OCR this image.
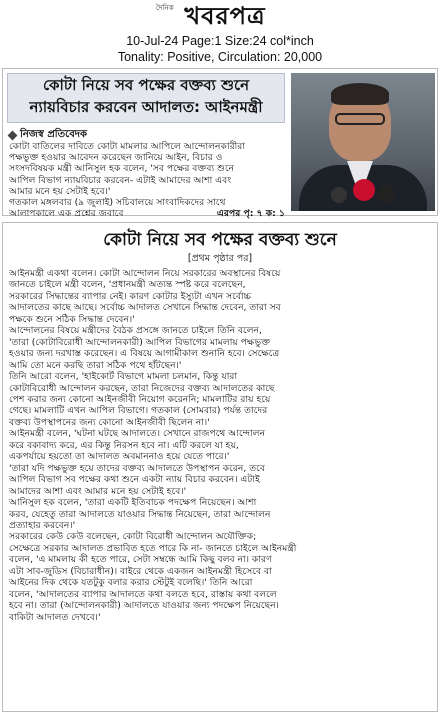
দৈনিক খবরপত্র
10-Jul-24 Page:1 Size:24 col*inch
Tonality: Positive, Circulation: 20,000
কোটা নিয়ে সব পক্ষের বক্তব্য শুনে
ন্যায়বিচার করবেন আদালত: আইনমন্ত্রী
নিজস্ব প্রতিবেদক

কোটা বাতিলের দাবিতে কোটা মামলার আপিলে আন্দোলনকারীরা

পক্ষভুক্ত হওয়ার আবেদন করেছেন জানিয়ে আইন, বিচার ও

সংসদবিষয়ক মন্ত্রী আনিসুল হক বলেন, 'সব পক্ষের বক্তব্য শুনে

আপিল বিভাগ ন্যায়বিচার করবেন- এটাই আমাদের আশা এবং

আমার মনে হয় সেটাই হবে।'

গতকাল মঙ্গলবার (৯ জুলাই) সচিবালয়ে সাংবাদিকদের সাথে

আলাপকালে এক প্রশ্নের জবাবে	এরপর পৃ: ৭ ক: ১

কোটা নিয়ে সব পক্ষের বক্তব্য শুনে
[প্রথম পৃষ্ঠার পর]

আইনমন্ত্রী একথা বলেন। কোটা আন্দোলন নিয়ে সরকারের অবস্থানের বিষয়ে

জানতে চাইলে মন্ত্রী বলেন, 'প্রধানমন্ত্রী অত্যন্ত স্পষ্ট করে বলেছেন,

সরকারের সিদ্ধান্তের ব্যাপার নেই। কারণ কোটার ইস্যুটা এখন সর্বোচ্চ

আদালতের কাছে আছে। সর্বোচ্চ আদালত সেখানে সিদ্ধান্ত দেবেন, তারা সব

পক্ষকে শুনে সঠিক সিদ্ধান্ত দেবেন।'

আন্দোলনের বিষয়ে মন্ত্রীদের বৈঠক প্রসঙ্গে জানতে চাইলে তিনি বলেন,

'তারা (কোটাবিরোধী আন্দোলনকারী) আপিল বিভাগের মামলায় পক্ষভুক্ত

হওয়ার জন্য দরখাস্ত করেছেন। এ বিষয়ে আগামীকাল শুনানি হবে। সেক্ষেত্রে

আমি তো মনে করছি তারা সঠিক পথে হাঁটছেন।'

তিনি আরো বলেন, 'হাইকোর্ট বিভাগে মামলা চলমান, কিন্তু যারা

কোটাবিরোধী আন্দোলন করছেন, তারা নিজেদের বক্তব্য আদালতের কাছে

পেশ করার জন্য কোনো আইনজীবী নিয়োগ করেননি; মামলাটির রায় হয়ে

গেছে। মামলাটি এখন আপিল বিভাগে। গতকাল (সোমবার) পর্যন্ত তাদের

বক্তব্য উপস্থাপনের জন্য কোনো আইনজীবী ছিলেন না।'

আইনমন্ত্রী বলেন, 'ঘটনা ঘটছে আদালতে। সেখানে রাজপথে আন্দোলন

করে বকাবাদ্য করে, এর কিন্তু নিরসন হবে না। এটি করলে যা হয়,

একপর্যায়ে হয়তো তা আদালত অবমাননাও হয়ে যেতে পারে।'

'তারা যদি পক্ষভুক্ত হয়ে তাদের বক্তব্য আদালতে উপস্থাপন করেন, তবে

আপিল বিভাগ সব পক্ষের কথা শুনে একটা ন্যায় বিচার করবেন। এটাই

আমাদের আশা এবং আমার মনে হয় সেটাই হবে।'

আনিসুল হক বলেন, 'তারা একটি ইতিবাচক পদক্ষেপ নিয়েছেন। আশা

করব, যেহেতু তারা আদালতে যাওয়ার সিদ্ধান্ত নিয়েছেন, তারা আন্দোলন

প্রত্যাহার করবেন।'

সরকারের কেউ কেউ বলেছেন, কোটা বিরোধী আন্দোলন অযৌক্তিক;

সেক্ষেত্রে সরকার আদালত প্রভাবিত হতে পারে কি না- জানতে চাইলে আইনমন্ত্রী

বলেন, 'এ মামলায় কী হতে পারে, সেটা সম্বন্ধে আমি কিছু বলব না। কারণ

এটা সাব-জুডিস (বিচারাধীন)। বাইরে থেকে একজন আইনমন্ত্রী হিসেবে বা

আইনের দিক থেকে যতটুকু বলার করার স্টেটুই বলেছি।' তিনি আরো

বলেন, 'আদালতের ব্যাপার আদালতে কথা বলতে হবে, রাস্তায় কথা বললে

হবে না। তারা (আন্দোলনকারী) আদালতে যাওয়ার জন্য পদক্ষেপ নিয়েছেন।

বাকিটা আদালত দেখবে।'
